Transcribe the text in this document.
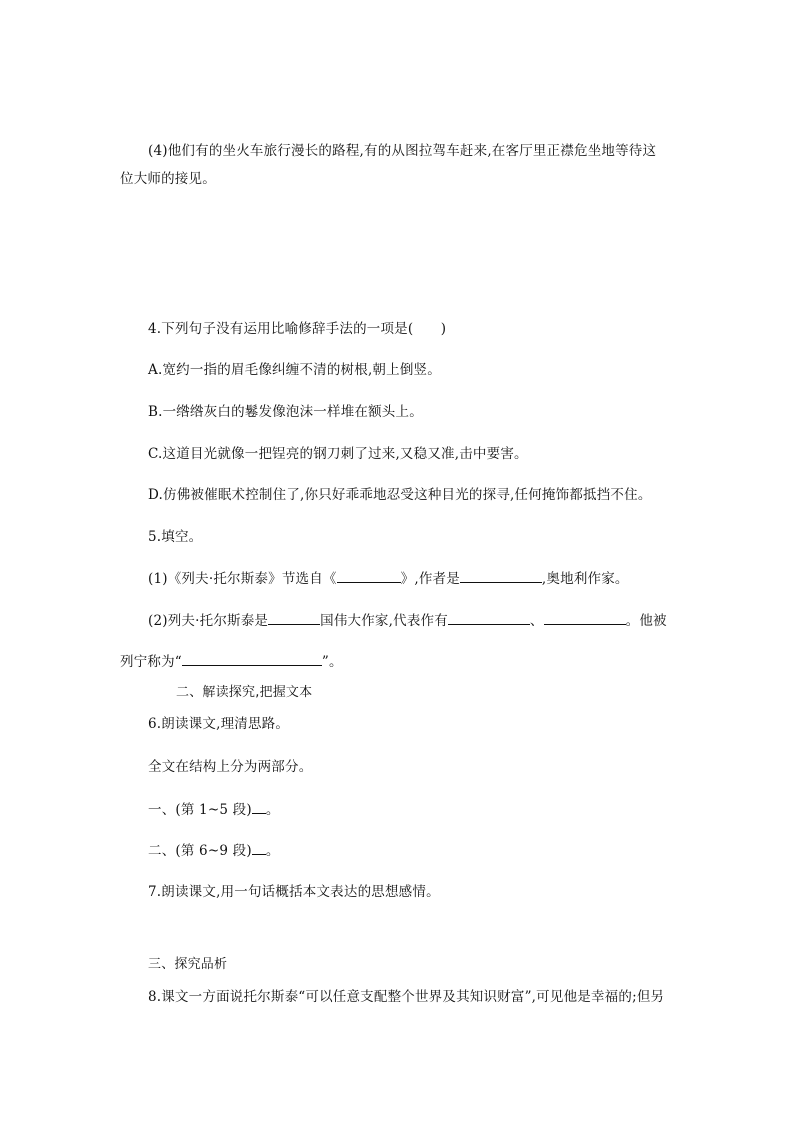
(4)他们有的坐火车旅行漫长的路程,有的从图拉驾车赶来,在客厅里正襟危坐地等待这
位大师的接见。
4.下列句子没有运用比喻修辞手法的一项是(　　)
A.宽约一指的眉毛像纠缠不清的树根,朝上倒竖。
B.一绺绺灰白的鬈发像泡沫一样堆在额头上。
C.这道目光就像一把锃亮的钢刀刺了过来,又稳又准,击中要害。
D.仿佛被催眠术控制住了,你只好乖乖地忍受这种目光的探寻,任何掩饰都抵挡不住。
5.填空。
(1)《列夫·托尔斯泰》节选自《	》,作者是	,奥地利作家。
(2)列夫·托尔斯泰是	国伟大作家,代表作有	、	。他被
列宁称为“	”。
二、解读探究,把握文本
6.朗读课文,理清思路。
全文在结构上分为两部分。
一、(第 1~5 段) 。
二、(第 6~9 段) 。
7.朗读课文,用一句话概括本文表达的思想感情。
三、探究品析
8.课文一方面说托尔斯泰“可以任意支配整个世界及其知识财富”,可见他是幸福的;但另
